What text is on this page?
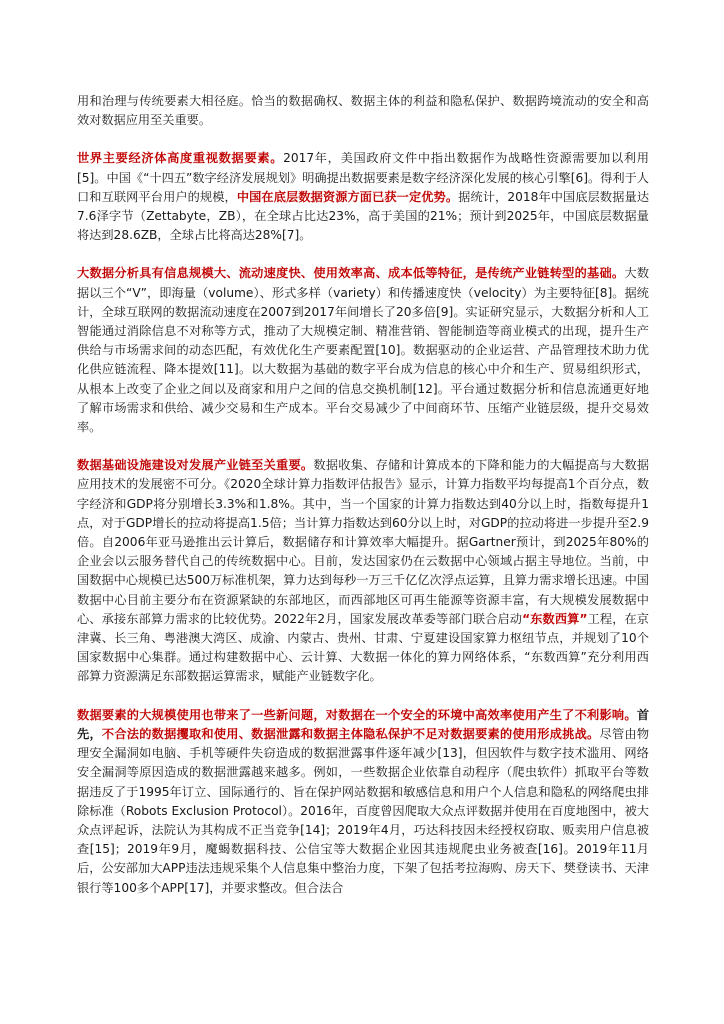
用和治理与传统要素大相径庭。恰当的数据确权、数据主体的利益和隐私保护、数据跨境流动的安全和高效对数据应用至关重要。

世界主要经济体高度重视数据要素。2017年，美国政府文件中指出数据作为战略性资源需要加以利用[5]。中国《“十四五”数字经济发展规划》明确提出数据要素是数字经济深化发展的核心引擎[6]。得利于人口和互联网平台用户的规模，中国在底层数据资源方面已获一定优势。据统计，2018年中国底层数据量达7.6泽字节（Zettabyte，ZB），在全球占比达23%，高于美国的21%；预计到2025年，中国底层数据量将达到28.6ZB，全球占比将高达28%[7]。

大数据分析具有信息规模大、流动速度快、使用效率高、成本低等特征，是传统产业链转型的基础。大数据以三个“V”，即海量（volume）、形式多样（variety）和传播速度快（velocity）为主要特征[8]。据统计，全球互联网的数据流动速度在2007到2017年间增长了20多倍[9]。实证研究显示，大数据分析和人工智能通过消除信息不对称等方式，推动了大规模定制、精准营销、智能制造等商业模式的出现，提升生产供给与市场需求间的动态匹配，有效优化生产要素配置[10]。数据驱动的企业运营、产品管理技术助力优化供应链流程、降本提效[11]。以大数据为基础的数字平台成为信息的核心中介和生产、贸易组织形式，从根本上改变了企业之间以及商家和用户之间的信息交换机制[12]。平台通过数据分析和信息流通更好地了解市场需求和供给、减少交易和生产成本。平台交易减少了中间商环节、压缩产业链层级，提升交易效率。

数据基础设施建设对发展产业链至关重要。数据收集、存储和计算成本的下降和能力的大幅提高与大数据应用技术的发展密不可分。《2020全球计算力指数评估报告》显示，计算力指数平均每提高1个百分点，数字经济和GDP将分别增长3.3%和1.8%。其中，当一个国家的计算力指数达到40分以上时，指数每提升1点，对于GDP增长的拉动将提高1.5倍；当计算力指数达到60分以上时，对GDP的拉动将进一步提升至2.9倍。自2006年亚马逊推出云计算后，数据储存和计算效率大幅提升。据Gartner预计，到2025年80%的企业会以云服务替代自己的传统数据中心。目前，发达国家仍在云数据中心领域占据主导地位。当前，中国数据中心规模已达500万标准机架，算力达到每秒一万三千亿亿次浮点运算，且算力需求增长迅速。中国数据中心目前主要分布在资源紧缺的东部地区，而西部地区可再生能源等资源丰富，有大规模发展数据中心、承接东部算力需求的比较优势。2022年2月，国家发展改革委等部门联合启动“东数西算”工程，在京津冀、长三角、粤港澳大湾区、成渝、内蒙古、贵州、甘肃、宁夏建设国家算力枢纽节点，并规划了10个国家数据中心集群。通过构建数据中心、云计算、大数据一体化的算力网络体系，“东数西算”充分利用西部算力资源满足东部数据运算需求，赋能产业链数字化。

数据要素的大规模使用也带来了一些新问题，对数据在一个安全的环境中高效率使用产生了不利影响。首先，不合法的数据攫取和使用、数据泄露和数据主体隐私保护不足对数据要素的使用形成挑战。尽管由物理安全漏洞如电脑、手机等硬件失窃造成的数据泄露事件逐年减少[13]，但因软件与数字技术滥用、网络安全漏洞等原因造成的数据泄露越来越多。例如，一些数据企业依靠自动程序（爬虫软件）抓取平台等数据违反了于1995年订立、国际通行的、旨在保护网站数据和敏感信息和用户个人信息和隐私的网络爬虫排除标准（Robots Exclusion Protocol）。2016年，百度曾因爬取大众点评数据并使用在百度地图中，被大众点评起诉，法院认为其构成不正当竞争[14]；2019年4月，巧达科技因未经授权窃取、贩卖用户信息被查[15]；2019年9月，魔蝎数据科技、公信宝等大数据企业因其违规爬虫业务被查[16]。2019年11月后，公安部加大APP违法违规采集个人信息集中整治力度，下架了包括考拉海购、房天下、樊登读书、天津银行等100多个APP[17]，并要求整改。但合法合
